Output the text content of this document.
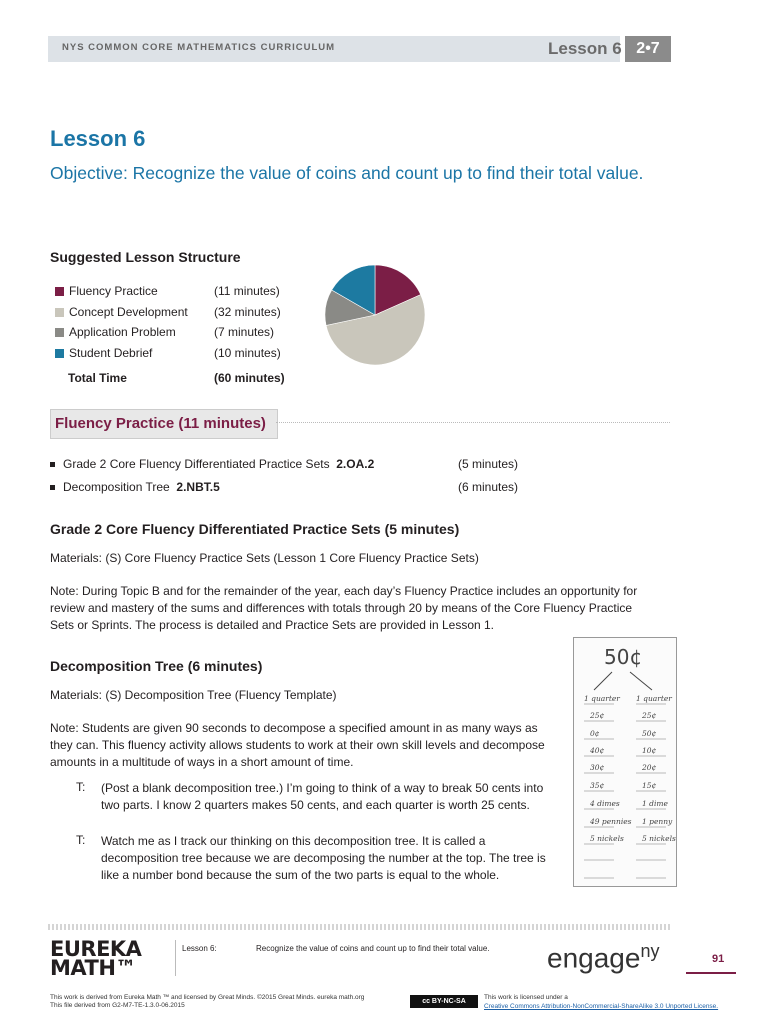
NYS COMMON CORE MATHEMATICS CURRICULUM	Lesson 6 2•7
Lesson 6
Objective: Recognize the value of coins and count up to find their total value.
Suggested Lesson Structure
Fluency Practice	(11 minutes)
Concept Development (32 minutes)
Application Problem	(7 minutes)
Student Debrief	(10 minutes)
Total Time	(60 minutes)
Fluency Practice (11 minutes)
Grade 2 Core Fluency Differentiated Practice Sets 2.OA.2	(5 minutes)
Decomposition Tree 2.NBT.5	(6 minutes)
Grade 2 Core Fluency Differentiated Practice Sets (5 minutes)
Materials: (S) Core Fluency Practice Sets (Lesson 1 Core Fluency Practice Sets)
Note: During Topic B and for the remainder of the year, each day’s Fluency Practice includes an opportunity for review and mastery of the sums and differences with totals through 20 by means of the Core Fluency Practice Sets or Sprints. The process is detailed and Practice Sets are provided in Lesson 1.
Decomposition Tree (6 minutes)
Materials: (S) Decomposition Tree (Fluency Template)
Note: Students are given 90 seconds to decompose a specified amount in as many ways as they can. This fluency activity allows students to work at their own skill levels and decompose amounts in a multitude of ways in a short amount of time.
T: (Post a blank decomposition tree.) I’m going to think of a way to break 50 cents into two parts. I know 2 quarters makes 50 cents, and each quarter is worth 25 cents.
T: Watch me as I track our thinking on this decomposition tree. It is called a decomposition tree because we are decomposing the number at the top. The tree is like a number bond because the sum of the two parts is equal to the whole.
50¢
1 quarter 1 quarter
25¢	25¢
0¢	50¢
40¢	10¢
30¢	20¢
35¢	15¢
4 dimes	1 dime
49 pennies 1 penny
5 nickels 5 nickels
EUREKA
MATH™
Lesson 6:	Recognize the value of coins and count up to find their total value. engage$^{ny}$	91
This work is derived from Eureka Math ™ and licensed by Great Minds. ©2015 Great Minds. eureka math.org
This file derived from G2-M7-TE-1.3.0-06.2015
cc BY-NC-SA
This work is licensed under a
Creative Commons Attribution-NonCommercial-ShareAlike 3.0 Unported License.
